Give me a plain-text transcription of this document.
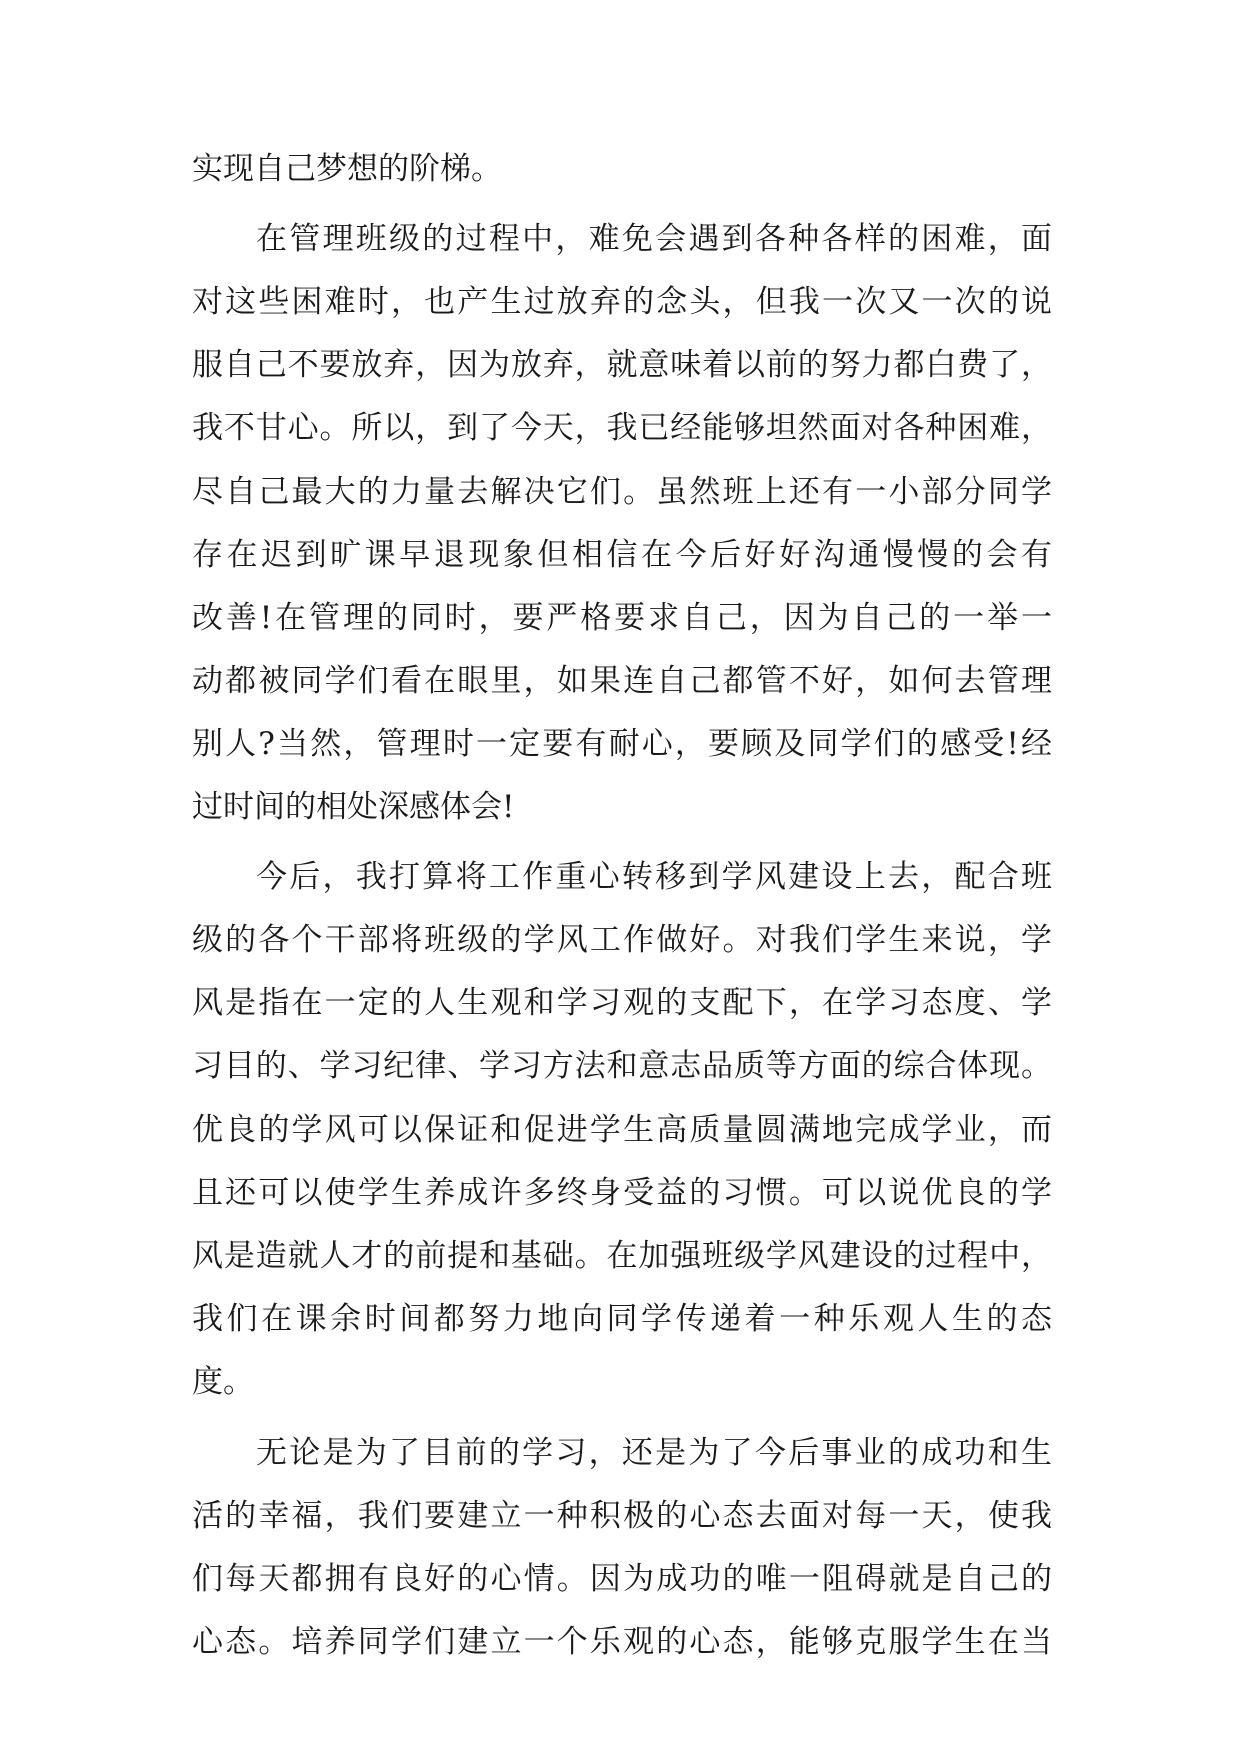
实现自己梦想的阶梯。
在管理班级的过程中，难免会遇到各种各样的困难，面
对这些困难时，也产生过放弃的念头，但我一次又一次的说
服自己不要放弃，因为放弃，就意味着以前的努力都白费了，
我不甘心。所以，到了今天，我已经能够坦然面对各种困难，
尽自己最大的力量去解决它们。虽然班上还有一小部分同学
存在迟到旷课早退现象但相信在今后好好沟通慢慢的会有
改善!在管理的同时，要严格要求自己，因为自己的一举一
动都被同学们看在眼里，如果连自己都管不好，如何去管理
别人?当然，管理时一定要有耐心，要顾及同学们的感受!经
过时间的相处深感体会!
今后，我打算将工作重心转移到学风建设上去，配合班
级的各个干部将班级的学风工作做好。对我们学生来说，学
风是指在一定的人生观和学习观的支配下，在学习态度、学
习目的、学习纪律、学习方法和意志品质等方面的综合体现。
优良的学风可以保证和促进学生高质量圆满地完成学业，而
且还可以使学生养成许多终身受益的习惯。可以说优良的学
风是造就人才的前提和基础。在加强班级学风建设的过程中，
我们在课余时间都努力地向同学传递着一种乐观人生的态
度。
无论是为了目前的学习，还是为了今后事业的成功和生
活的幸福，我们要建立一种积极的心态去面对每一天，使我
们每天都拥有良好的心情。因为成功的唯一阻碍就是自己的
心态。培养同学们建立一个乐观的心态，能够克服学生在当
